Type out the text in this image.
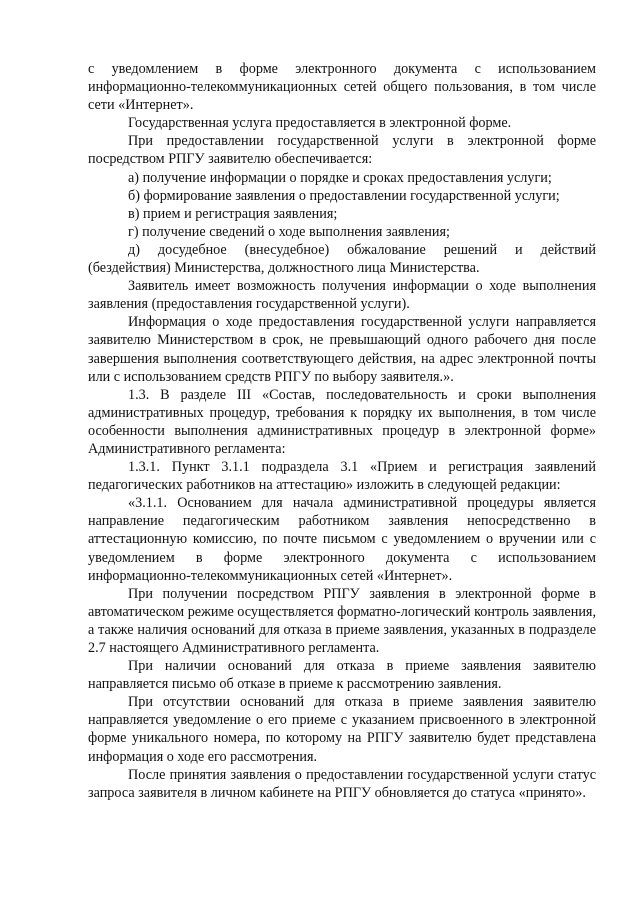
с уведомлением в форме электронного документа с использованием информационно-телекоммуникационных сетей общего пользования, в том числе сети «Интернет».

Государственная услуга предоставляется в электронной форме.

При предоставлении государственной услуги в электронной форме посредством РПГУ заявителю обеспечивается:

а) получение информации о порядке и сроках предоставления услуги;

б) формирование заявления о предоставлении государственной услуги;

в) прием и регистрация заявления;

г) получение сведений о ходе выполнения заявления;

д) досудебное (внесудебное) обжалование решений и действий (бездействия) Министерства, должностного лица Министерства.

Заявитель имеет возможность получения информации о ходе выполнения заявления (предоставления государственной услуги).

Информация о ходе предоставления государственной услуги направляется заявителю Министерством в срок, не превышающий одного рабочего дня после завершения выполнения соответствующего действия, на адрес электронной почты или с использованием средств РПГУ по выбору заявителя.».

1.3. В разделе III «Состав, последовательность и сроки выполнения административных процедур, требования к порядку их выполнения, в том числе особенности выполнения административных процедур в электронной форме» Административного регламента:

1.3.1. Пункт 3.1.1 подраздела 3.1 «Прием и регистрация заявлений педагогических работников на аттестацию» изложить в следующей редакции:

«3.1.1. Основанием для начала административной процедуры является направление педагогическим работником заявления непосредственно в аттестационную комиссию, по почте письмом с уведомлением о вручении или с уведомлением в форме электронного документа с использованием информационно-телекоммуникационных сетей «Интернет».

При получении посредством РПГУ заявления в электронной форме в автоматическом режиме осуществляется форматно-логический контроль заявления, а также наличия оснований для отказа в приеме заявления, указанных в подразделе 2.7 настоящего Административного регламента.

При наличии оснований для отказа в приеме заявления заявителю направляется письмо об отказе в приеме к рассмотрению заявления.

При отсутствии оснований для отказа в приеме заявления заявителю направляется уведомление о его приеме с указанием присвоенного в электронной форме уникального номера, по которому на РПГУ заявителю будет представлена информация о ходе его рассмотрения.

После принятия заявления о предоставлении государственной услуги статус запроса заявителя в личном кабинете на РПГУ обновляется до статуса «принято».
